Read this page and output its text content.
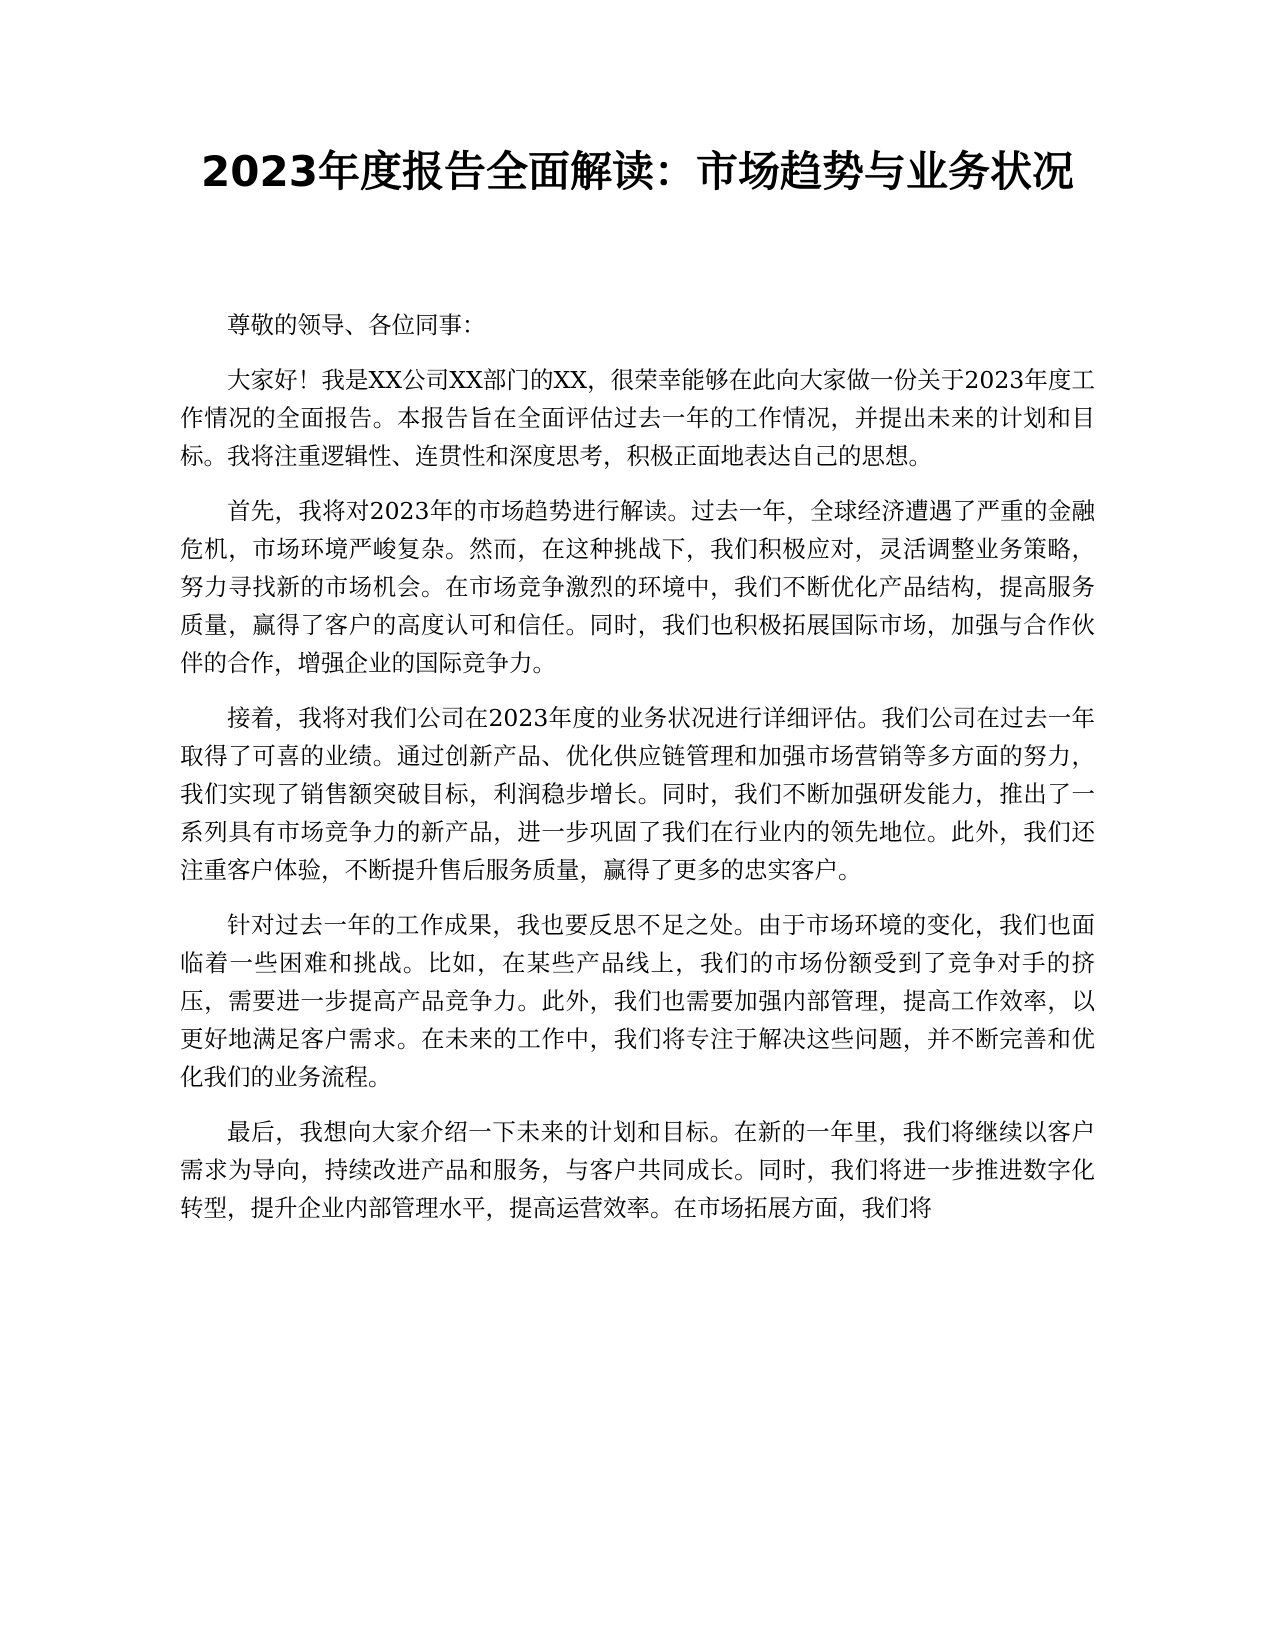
2023年度报告全面解读：市场趋势与业务状况

尊敬的领导、各位同事：

大家好！我是XX公司XX部门的XX，很荣幸能够在此向大家做一份关于2023年度工作情况的全面报告。本报告旨在全面评估过去一年的工作情况，并提出未来的计划和目标。我将注重逻辑性、连贯性和深度思考，积极正面地表达自己的思想。

首先，我将对2023年的市场趋势进行解读。过去一年，全球经济遭遇了严重的金融危机，市场环境严峻复杂。然而，在这种挑战下，我们积极应对，灵活调整业务策略，努力寻找新的市场机会。在市场竞争激烈的环境中，我们不断优化产品结构，提高服务质量，赢得了客户的高度认可和信任。同时，我们也积极拓展国际市场，加强与合作伙伴的合作，增强企业的国际竞争力。

接着，我将对我们公司在2023年度的业务状况进行详细评估。我们公司在过去一年取得了可喜的业绩。通过创新产品、优化供应链管理和加强市场营销等多方面的努力，我们实现了销售额突破目标，利润稳步增长。同时，我们不断加强研发能力，推出了一系列具有市场竞争力的新产品，进一步巩固了我们在行业内的领先地位。此外，我们还注重客户体验，不断提升售后服务质量，赢得了更多的忠实客户。

针对过去一年的工作成果，我也要反思不足之处。由于市场环境的变化，我们也面临着一些困难和挑战。比如，在某些产品线上，我们的市场份额受到了竞争对手的挤压，需要进一步提高产品竞争力。此外，我们也需要加强内部管理，提高工作效率，以更好地满足客户需求。在未来的工作中，我们将专注于解决这些问题，并不断完善和优化我们的业务流程。

最后，我想向大家介绍一下未来的计划和目标。在新的一年里，我们将继续以客户需求为导向，持续改进产品和服务，与客户共同成长。同时，我们将进一步推进数字化转型，提升企业内部管理水平，提高运营效率。在市场拓展方面，我们将
